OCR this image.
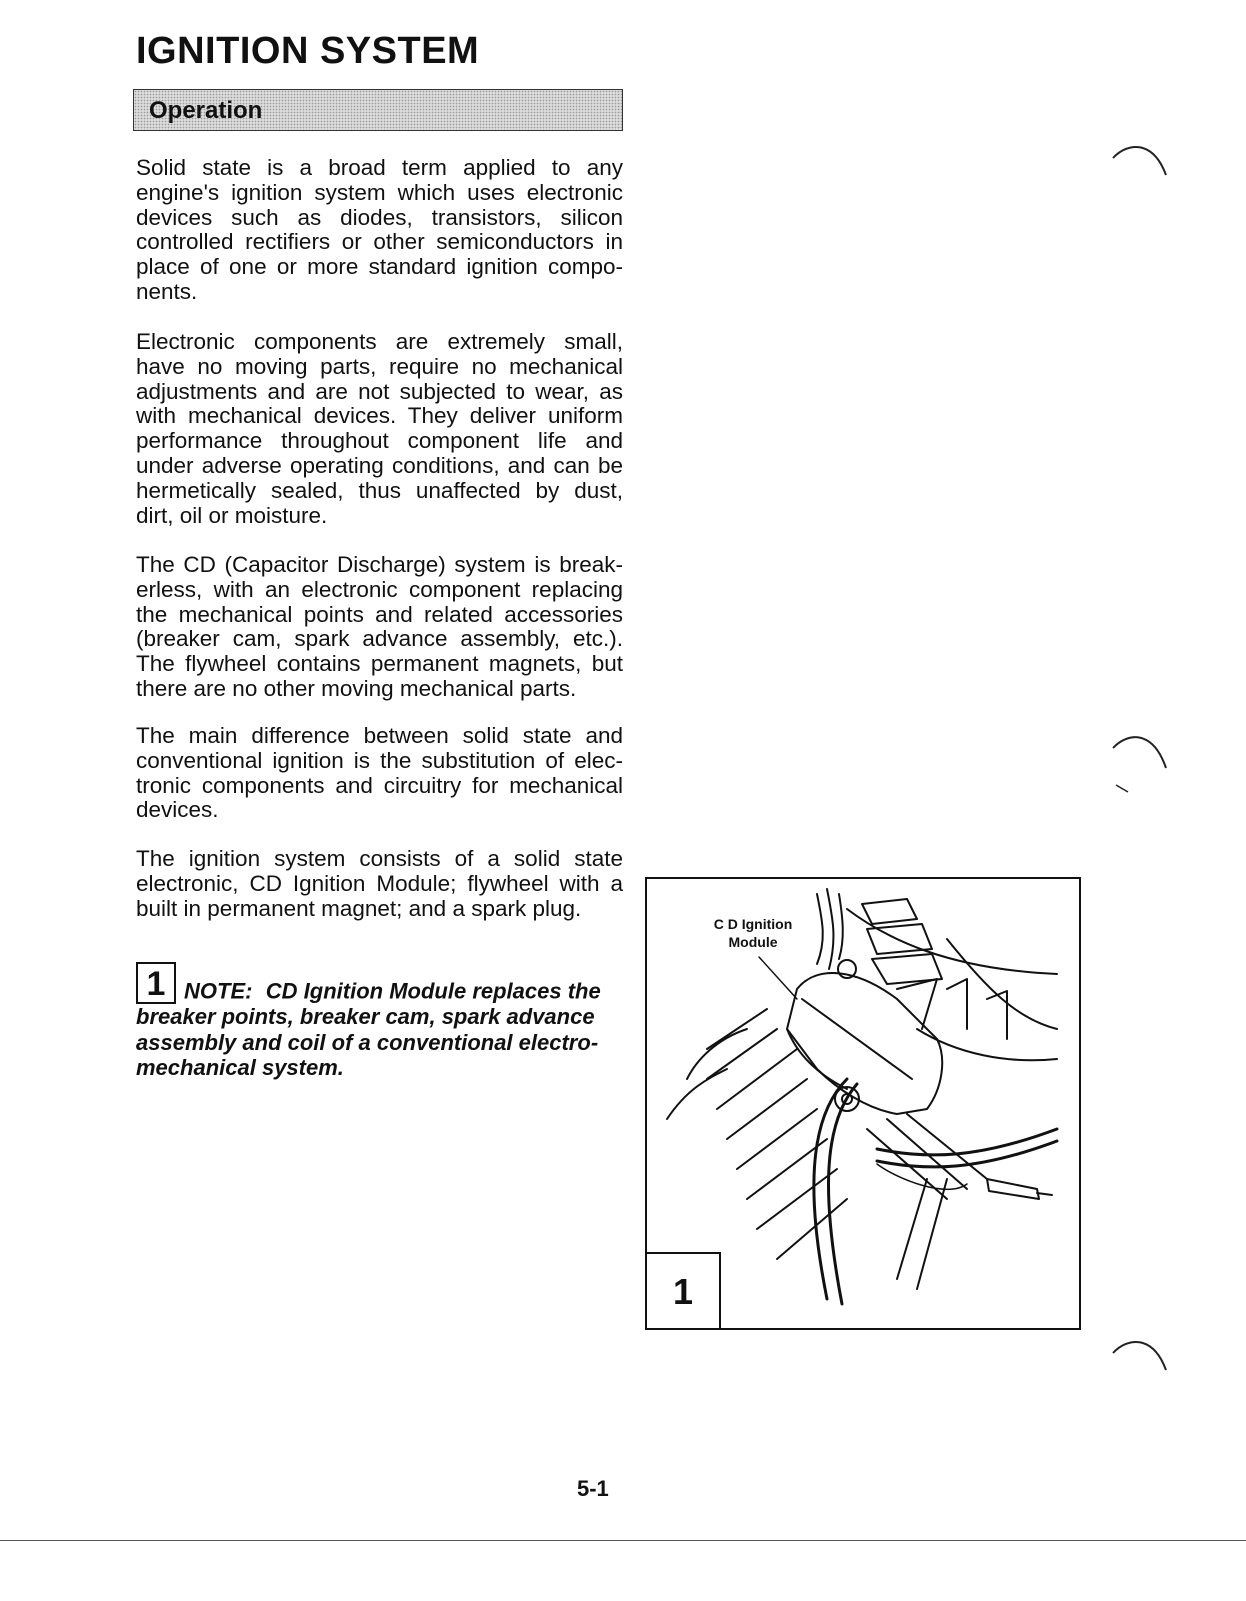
IGNITION SYSTEM
Operation

Solid state is a broad term applied to any engine's ignition system which uses electronic devices such as diodes, transistors, silicon controlled rectifiers or other semiconductors in place of one or more standard ignition components.

Electronic components are extremely small, have no moving parts, require no mechanical adjustments and are not subjected to wear, as with mechanical devices. They deliver uniform performance throughout component life and under adverse operating conditions, and can be hermetically sealed, thus unaffected by dust, dirt, oil or moisture.

The CD (Capacitor Discharge) system is breakerless, with an electronic component replacing the mechanical points and related accessories (breaker cam, spark advance assembly, etc.). The flywheel contains permanent magnets, but there are no other moving mechanical parts.

The main difference between solid state and conventional ignition is the substitution of electronic components and circuitry for mechanical devices.

The ignition system consists of a solid state electronic, CD Ignition Module; flywheel with a built in permanent magnet; and a spark plug.

1 NOTE: CD Ignition Module replaces the breaker points, breaker cam, spark advance assembly and coil of a conventional electromechanical system.
C D Ignition
Module
1
5-1
